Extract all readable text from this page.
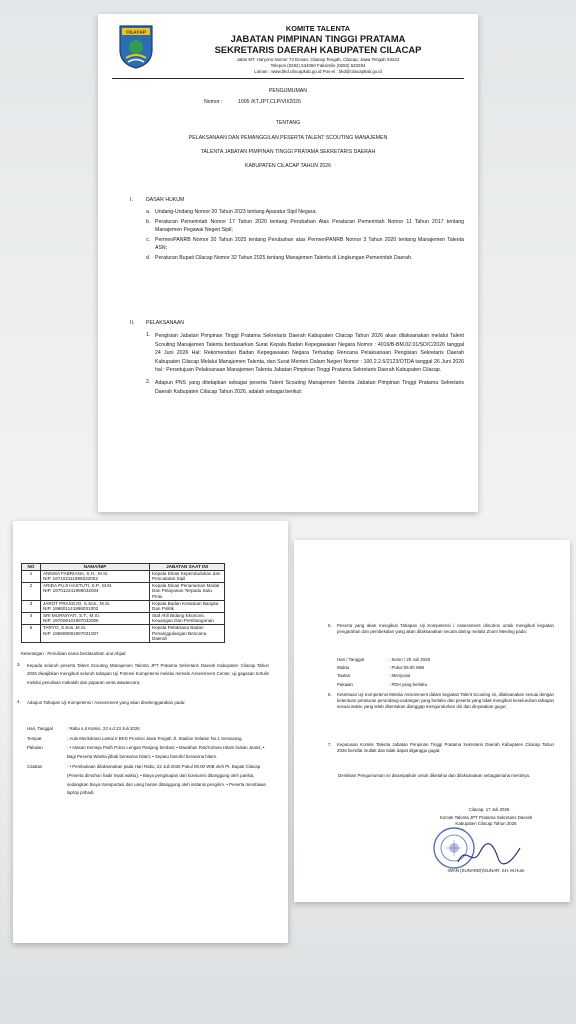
CILACAP	KOMITE TALENTA
JABATAN PIMPINAN TINGGI PRATAMA
SEKRETARIS DAERAH KABUPATEN CILACAP
Jalan MT. Haryono Nomor 73 Donan, Cilacap Tengah, Cilacap, Jawa Tengah 53222
Telepon (0282) 534060 Faksimile (0282) 520284
Laman : www.bkd.cilacapkab.go.id Pos-el : bkd@cilacapkab.go.id
PENGUMUMAN
Nomor :	1005 /KT.JPT.CLP/VII/2026
TENTANG
PELAKSANAAN DAN PEMANGGILAN PESERTA TALENT SCOUTING MANAJEMEN
TALENTA JABATAN PIMPINAN TINGGI PRATAMA SEKRETARIS DAERAH
KABUPATEN CILACAP TAHUN 2026
I.	DASAR HUKUM
a. Undang-Undang Nomor 20 Tahun 2023 tentang Aparatur Sipil Negara;
b. Peraturan Pemerintah Nomor 17 Tahun 2020 tentang Perubahan Atas Peraturan Pemerintah Nomor 11 Tahun 2017 tentang Manajemen Pegawai Negeri Sipil;
c. PermenPANRB Nomor 20 Tahun 2025 tentang Perubahan atas PermenPANRB Nomor 3 Tahun 2020 tentang Manajemen Talenta ASN;
d. Peraturan Bupati Cilacap Nomor 32 Tahun 2025 tentang Manajemen Talenta di Lingkungan Pemerintah Daerah.
II. PELAKSANAAN
1. Pengisian Jabatan Pimpinan Tinggi Pratama Sekretaris Daerah Kabupaten Cilacap Tahun 2026 akan dilaksanakan melalui Talent Scouting Manajemen Talenta berdasarkan Surat Kepala Badan Kepegawaian Negara Nomor : 4019/B-BM.02.01/SD/C/2026 tanggal 24 Juni 2026 Hal: Rekomendasi Badan Kepegawaian Negara Terhadap Rencana Pelaksanaan Pengisian Sekretaris Daerah Kabupaten Cilacap Melalui Manajemen Talenta, dan Surat Menteri Dalam Negeri Nomor : 100.2.2.6/2123/OTDA tanggal 26 Juni 2026 hal : Persetujuan Pelaksanaan Manajemen Talenta Jabatan Pimpinan Tinggi Pratama Sekretaris Daerah Kabupaten Cilacap.
2. Adapun PNS yang ditetapkan sebagai peserta Talent Scouting Manajemen Talenta Jabatan Pimpinan Tinggi Pratama Sekretaris Daerah Kabupaten Cilacap Tahun 2026, adalah sebagai berikut:
NO	NAMA/NIP	JABATAN SAAT INI
1	ANNISA FABRIANA, S.H., M.Si.
NIP. 197102111996032002	Kepala Dinas Kependudukan dan Pencatatan Sipil
2	ARIDA PUJI HASTUTI, S.P., M.M.
NIP. 197012241996032004	Kepala Dinas Penanaman Modal Dan Pelayanan Terpadu Satu Pintu
3	JAROT PRASOJO, S.Sos., M.Si.
NIP. 196601141986031002	Kepala Badan Kesatuan Bangsa Dan Politik
4	SRI MURNIYATI, S.T., M.Si.
NIP. 197009101997032005	Staf Ahli Bidang Ekonomi, Keuangan Dan Pembangunan
5	TARYO, S.Sos.,M.Si.
NIP. 196908081997031007	Kepala Pelaksana Badan Penanggulangan Bencana Daerah
Keterangan : Penulisan nama berdasarkan urut Abjad
3.	Kepada seluruh peserta Talent Scouting Manajemen Talenta JPT Pratama Sekretaris Daerah Kabupaten Cilacap Tahun 2026 diwajibkan mengikuti seluruh tahapan Uji Potensi Kompetensi melalui metode Assessment Center, uji gagasan tertulis melalui penulisan makalah dan paparan serta wawancara;
4.	Adapun Tahapan Uji Kompetensi / Assessment yang akan diselenggarakan pada:
Hari, Tanggal	: Rabu s.d Kamis, 22 s.d 23 Juli 2026
Tempat	: Aula Meritokrasi Lantai II BKD Provinsi Jawa Tengah Jl. Stadion Selatan No.1 Semarang.
Pakaian	: • Atasan Kemeja Putih Polos Lengan Panjang berdasi; • Bawahan Rok/Celana Hitam bukan Jeans; • Bagi Peserta Wanita jilbab berwarna hitam; • Sepatu fantofel berwarna hitam.
Catatan	: • Pembukaan dilaksanakan pada Hari Rabu, 22 Juli 2026 Pukul 08.00 WIB oleh Pt. Bupati Cilacap (Peserta dimohon hadir tepat waktu); • Biaya penginapan dan konsumsi ditanggung oleh panitia, sedangkan biaya transportasi dan uang harian ditanggung oleh instansi pengirim. • Peserta membawa laptop pribadi.
5.	Peserta yang akan mengikuti Tahapan Uji Kompetensi / Assessment dimohon untuk mengikuti kegiatan pengarahan dan pembekalan yang akan dilaksanakan secara daring melalui Zoom Meeting pada:
Hari / Tanggal	: Senin / 20 Juli 2026
Waktu	: Pukul 09.00 WIB
Tautan	: Menyusul
Pakaian	: PDH yang berlaku
6.	Ketentuan Uji Kompetensi Melalui Assessment dalam kegiatan Talent Scouting ini, dilaksanakan sesuai dengan ketentuan peraturan perundang-undangan yang berlaku dan peserta yang tidak mengikuti keseluruhan tahapan sesuai waktu yang telah ditentukan dianggap mengundurkan diri dan dinyatakan gugur;
7.	Keputusan Komite Talenta Jabatan Pimpinan Tinggi Pratama Sekretaris Daerah Kabupaten Cilacap Tahun 2026 bersifat mutlak dan tidak dapat diganggu gugat.
Demikian Pengumuman ini disampaikan untuk diketahui dan dilaksanakan sebagaimana mestinya.
Cilacap, 17 Juli 2026
Komite Talenta JPT Pratama Sekretaris Daerah
Kabupaten Cilacap Tahun 2026
IWAN (SUNARDI)/SUNAR, SH, M.Hum
